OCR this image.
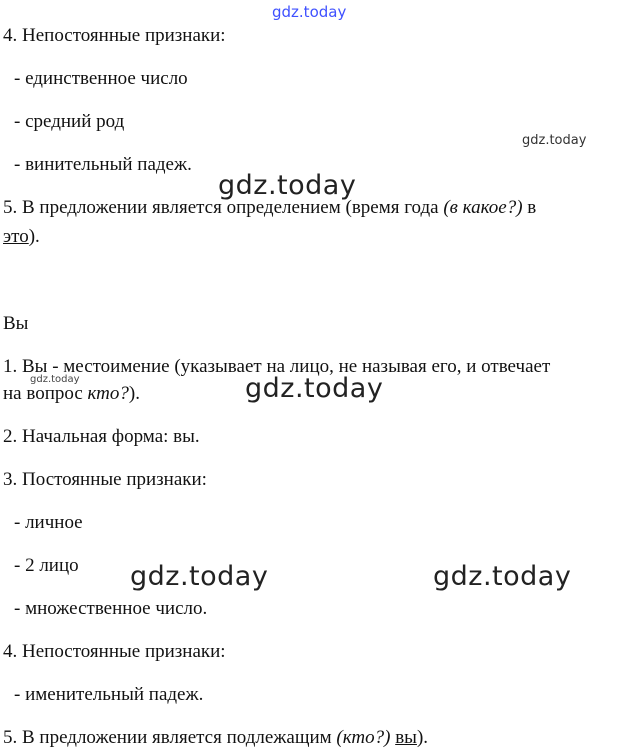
gdz.today
gdz.today
gdz.today
gdz.today	gdz.today
gdz.today	gdz.today
4. Непостоянные признаки:
- единственное число
- средний род
- винительный падеж.
5. В предложении является определением (время года (в какое?) в
это).
Вы
1. Вы - местоимение (указывает на лицо, не называя его, и отвечает
на вопрос кто?).
2. Начальная форма: вы.
3. Постоянные признаки:
- личное
- 2 лицо
- множественное число.
4. Непостоянные признаки:
- именительный падеж.
5. В предложении является подлежащим (кто?) вы).
